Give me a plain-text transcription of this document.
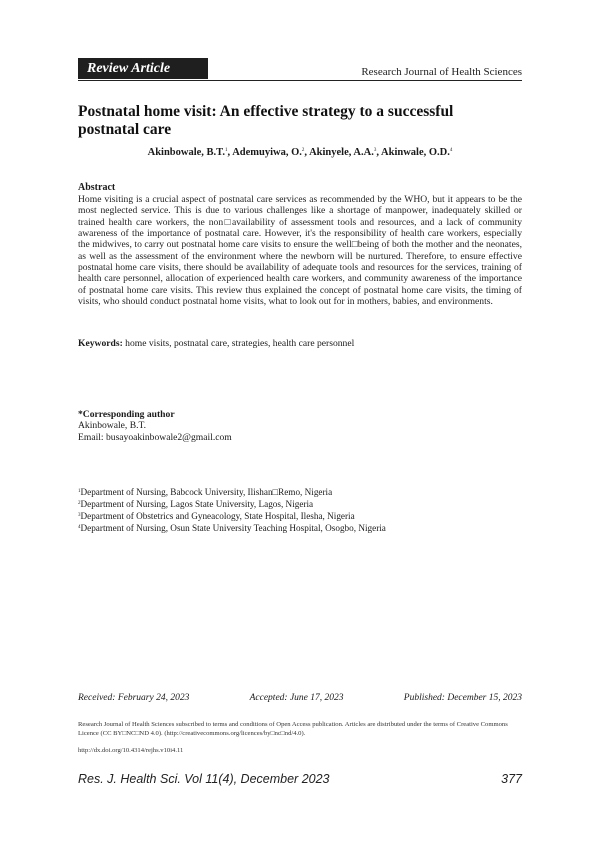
Review Article	Research Journal of Health Sciences
Postnatal home visit: An effective strategy to a successful postnatal care
Akinbowale, B.T.$^1$, Ademuyiwa, O.$^2$, Akinyele, A.A.$^3$, Akinwale, O.D.$^4$
Abstract
Home visiting is a crucial aspect of postnatal care services as recommended by the WHO, but it appears to be the most neglected service. This is due to various challenges like a shortage of manpower, inadequately skilled or trained health care workers, the non□availability of assessment tools and resources, and a lack of community awareness of the importance of postnatal care. However, it's the responsibility of health care workers, especially the midwives, to carry out postnatal home care visits to ensure the well□being of both the mother and the neonates, as well as the assessment of the environment where the newborn will be nurtured. Therefore, to ensure effective postnatal home care visits, there should be availability of adequate tools and resources for the services, training of health care personnel, allocation of experienced health care workers, and community awareness of the importance of postnatal home care visits. This review thus explained the concept of postnatal home care visits, the timing of visits, who should conduct postnatal home visits, what to look out for in mothers, babies, and environments.
Keywords: home visits, postnatal care, strategies, health care personnel
*Corresponding author
Akinbowale, B.T.
Email: busayoakinbowale2@gmail.com
$^1$Department of Nursing, Babcock University, Ilishan□Remo, Nigeria
$^2$Department of Nursing, Lagos State University, Lagos, Nigeria
$^3$Department of Obstetrics and Gyneacology, State Hospital, Ilesha, Nigeria
$^4$Department of Nursing, Osun State University Teaching Hospital, Osogbo, Nigeria
Received: February 24, 2023	Accepted: June 17, 2023	Published: December 15, 2023
Research Journal of Health Sciences subscribed to terms and conditions of Open Access publication. Articles are distributed under the terms of Creative Commons Licence (CC BY□NC□ND 4.0). (http://creativecommons.org/licences/by□nc□nd/4.0).
http://dx.doi.org/10.4314/rejhs.v10i4.11
Res. J. Health Sci. Vol 11(4), December 2023	377
